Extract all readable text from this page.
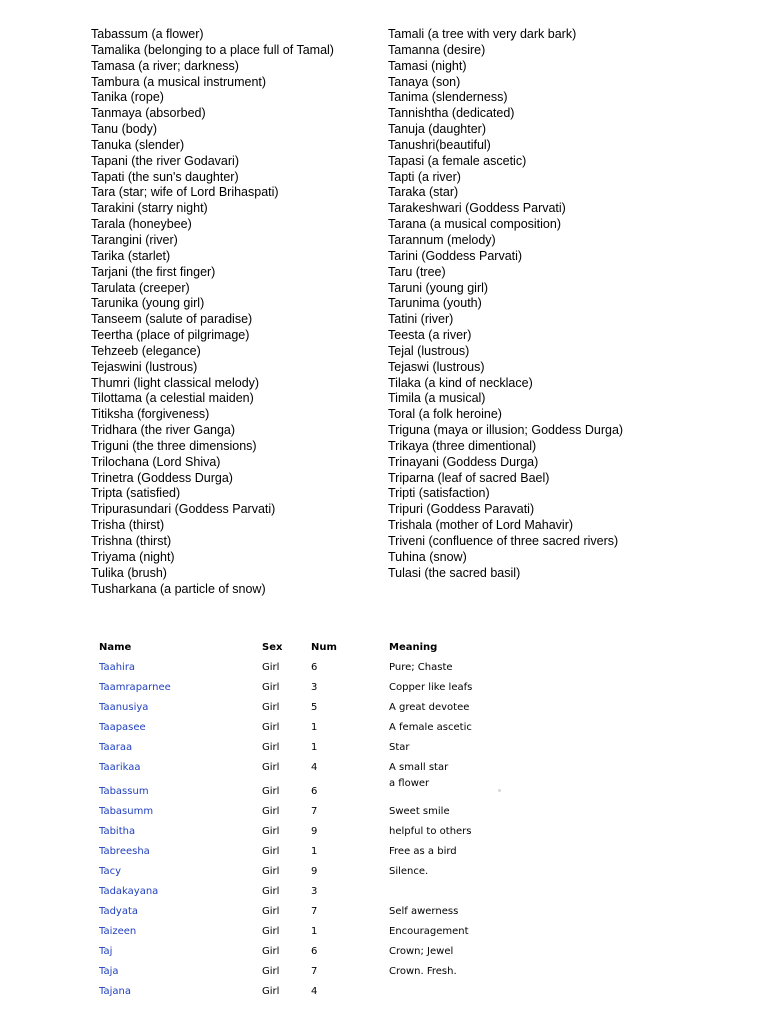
Tabassum (a flower)
Tamalika (belonging to a place full of Tamal)
Tamasa (a river; darkness)
Tambura (a musical instrument)
Tanika (rope)
Tanmaya (absorbed)
Tanu (body)
Tanuka (slender)
Tapani (the river Godavari)
Tapati (the sun's daughter)
Tara (star; wife of Lord Brihaspati)
Tarakini (starry night)
Tarala (honeybee)
Tarangini (river)
Tarika (starlet)
Tarjani (the first finger)
Tarulata (creeper)
Tarunika (young girl)
Tanseem (salute of paradise)
Teertha (place of pilgrimage)
Tehzeeb (elegance)
Tejaswini (lustrous)
Thumri (light classical melody)
Tilottama (a celestial maiden)
Titiksha (forgiveness)
Tridhara (the river Ganga)
Triguni (the three dimensions)
Trilochana (Lord Shiva)
Trinetra (Goddess Durga)
Tripta (satisfied)
Tripurasundari (Goddess Parvati)
Trisha (thirst)
Trishna (thirst)
Triyama (night)
Tulika (brush)
Tusharkana (a particle of snow)
Tamali (a tree with very dark bark)
Tamanna (desire)
Tamasi (night)
Tanaya (son)
Tanima (slenderness)
Tannishtha (dedicated)
Tanuja (daughter)
Tanushri(beautiful)
Tapasi (a female ascetic)
Tapti (a river)
Taraka (star)
Tarakeshwari (Goddess Parvati)
Tarana (a musical composition)
Tarannum (melody)
Tarini (Goddess Parvati)
Taru (tree)
Taruni (young girl)
Tarunima (youth)
Tatini (river)
Teesta (a river)
Tejal (lustrous)
Tejaswi (lustrous)
Tilaka (a kind of necklace)
Timila (a musical)
Toral (a folk heroine)
Triguna (maya or illusion; Goddess Durga)
Trikaya (three dimentional)
Trinayani (Goddess Durga)
Triparna (leaf of sacred Bael)
Tripti (satisfaction)
Tripuri (Goddess Paravati)
Trishala (mother of Lord Mahavir)
Triveni (confluence of three sacred rivers)
Tuhina (snow)
Tulasi (the sacred basil)
Name	Sex	Num	Meaning
Taahira	Girl	6	Pure; Chaste
Taamraparnee	Girl	3	Copper like leafs
Taanusiya	Girl	5	A great devotee
Taapasee	Girl	1	A female ascetic
Taaraa	Girl	1	Star
Taarikaa	Girl	4	A small star
Tabassum	Girl	6
a flower
Tabasumm	Girl	7	Sweet smile
Tabitha	Girl	9	helpful to others
Tabreesha	Girl	1	Free as a bird
Tacy	Girl	9	Silence.
Tadakayana	Girl	3
Tadyata	Girl	7	Self awerness
Taizeen	Girl	1	Encouragement
Taj	Girl	6	Crown; Jewel
Taja	Girl	7	Crown. Fresh.
Tajana	Girl	4
